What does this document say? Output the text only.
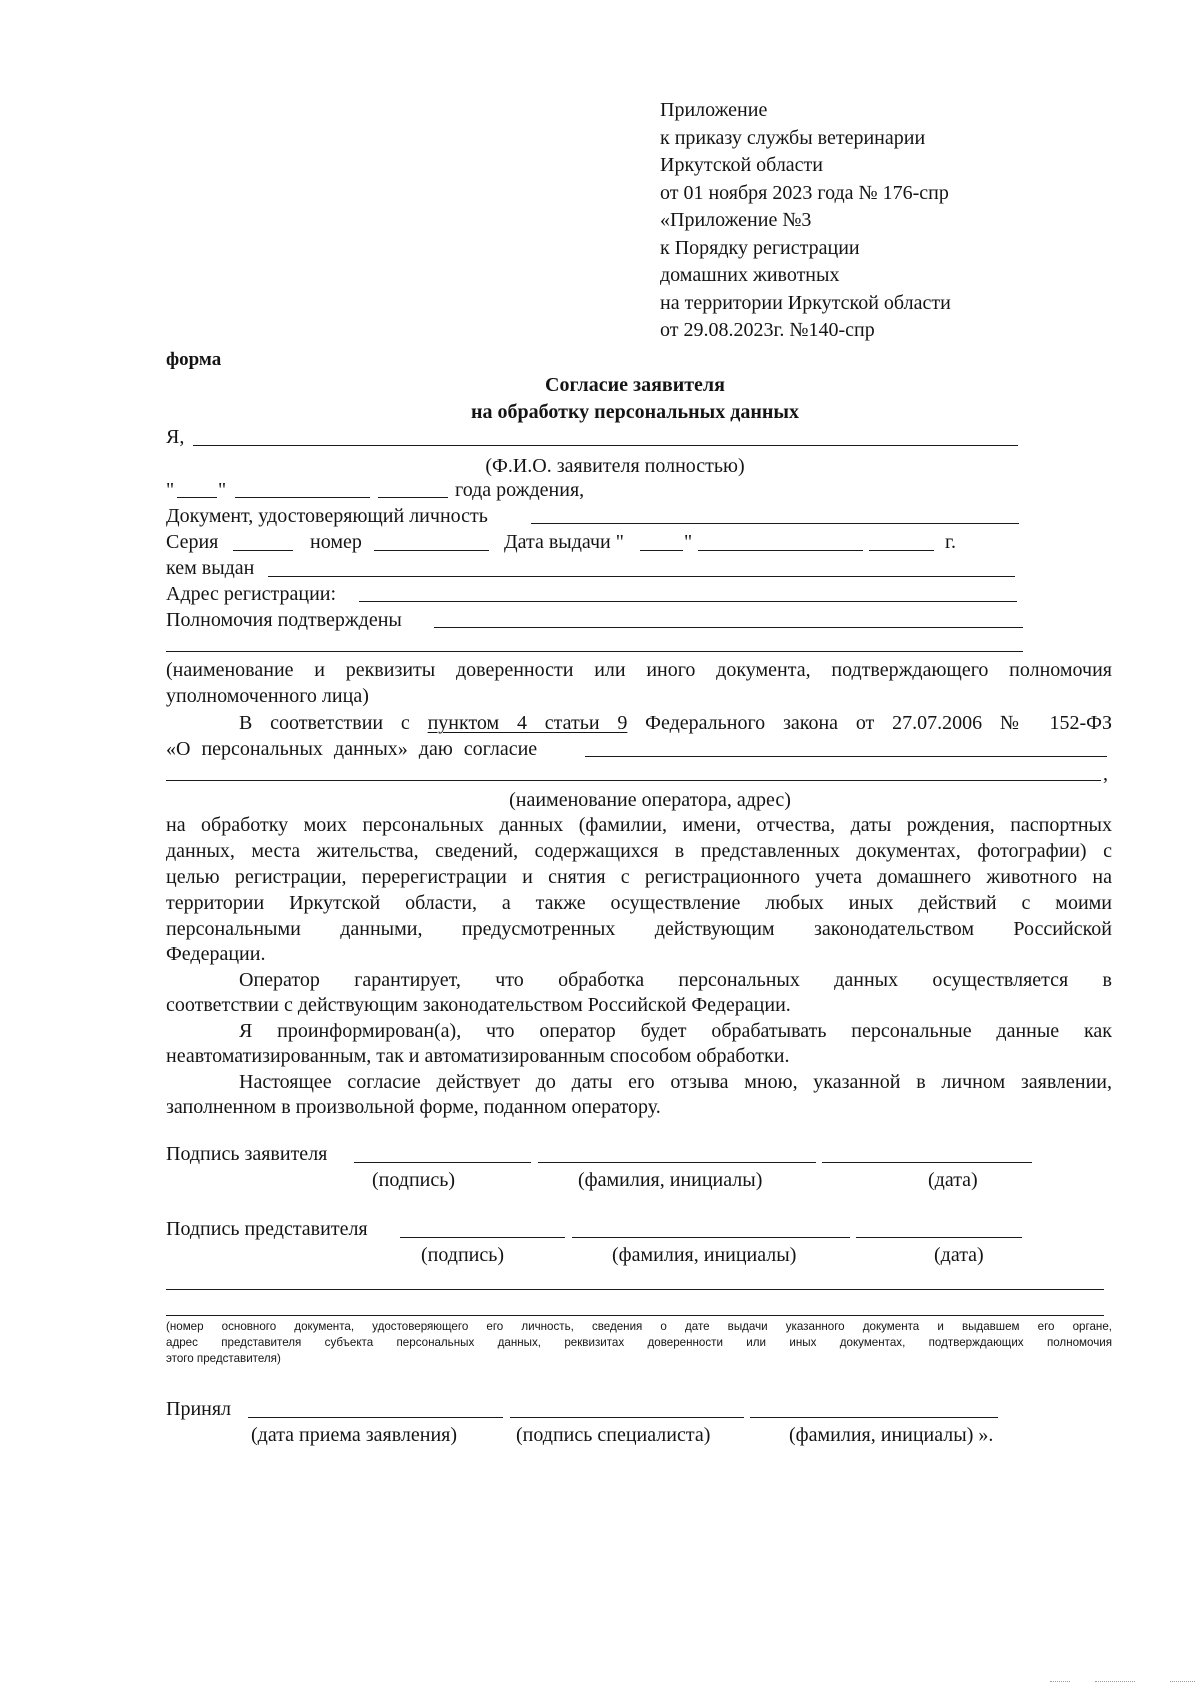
Приложение
к приказу службы ветеринарии
Иркутской области
от 01 ноября 2023 года № 176-спр
«Приложение №3
к Порядку регистрации
домашних животных
на территории Иркутской области
от 29.08.2023г. №140-спр
форма
Согласие заявителя
на обработку персональных данных
Я,
(Ф.И.О. заявителя полностью)
" "	года рождения,
Документ, удостоверяющий личность
Серия	номер	Дата выдачи "	"	г.
кем выдан
Адрес регистрации:
Полномочия подтверждены
(наименование и реквизиты доверенности или иного документа, подтверждающего полномочия
уполномоченного лица)
В соответствии с пунктом 4 статьи 9 Федерального закона от 27.07.2006 № 152-ФЗ
«О персональных данных» даю согласие
,
(наименование оператора, адрес)
на обработку моих персональных данных (фамилии, имени, отчества, даты рождения, паспортных
данных, места жительства, сведений, содержащихся в представленных документах, фотографии) с
целью регистрации, перерегистрации и снятия с регистрационного учета домашнего животного на
территории Иркутской области, а также осуществление любых иных действий с моими
персональными данными, предусмотренных действующим законодательством Российской
Федерации.
Оператор гарантирует, что обработка персональных данных осуществляется в
соответствии с действующим законодательством Российской Федерации.
Я проинформирован(а), что оператор будет обрабатывать персональные данные как
неавтоматизированным, так и автоматизированным способом обработки.
Настоящее согласие действует до даты его отзыва мною, указанной в личном заявлении,
заполненном в произвольной форме, поданном оператору.
Подпись заявителя
(подпись)	(фамилия, инициалы)	(дата)
Подпись представителя
(подпись)	(фамилия, инициалы)	(дата)
(номер основного документа, удостоверяющего его личность, сведения о дате выдачи указанного документа и выдавшем его органе,
адрес представителя субъекта персональных данных, реквизитах доверенности или иных документах, подтверждающих полномочия
этого представителя)
Принял
(дата приема заявления)	(подпись специалиста)	(фамилия, инициалы) ».
